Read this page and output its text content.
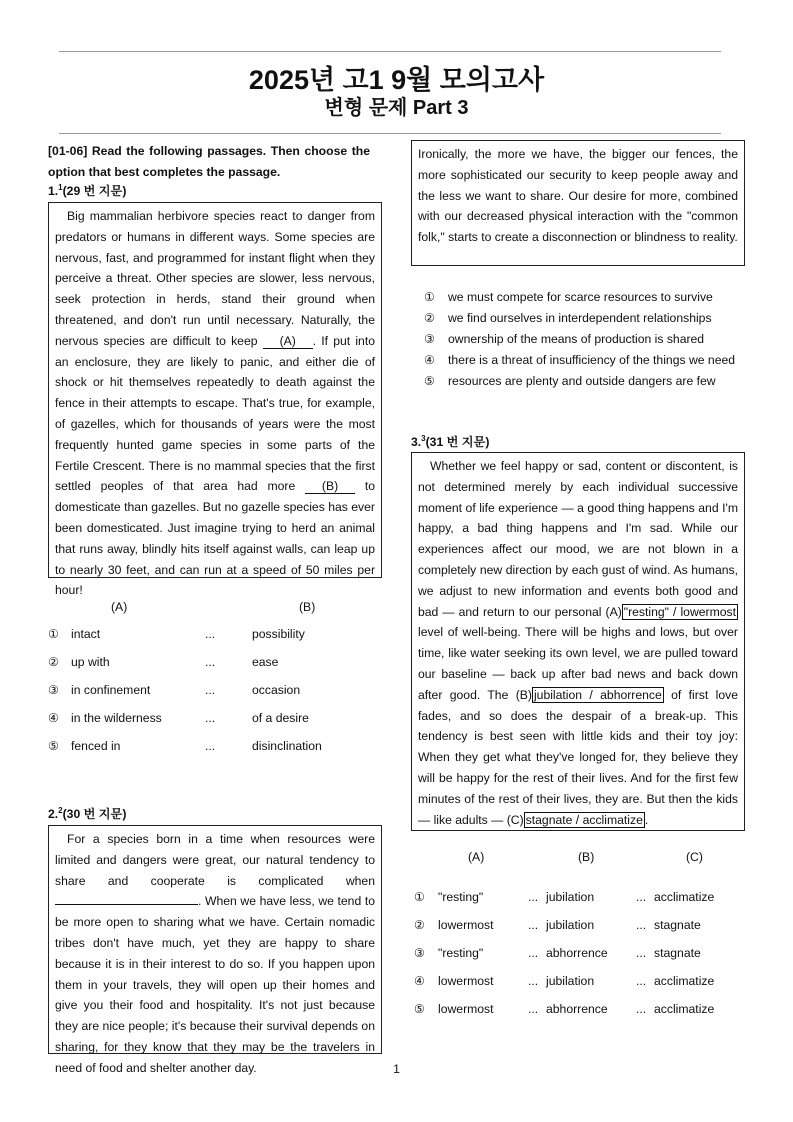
2025년 고1 9월 모의고사
변형 문제 Part 3
[01-06] Read the following passages. Then choose the option that best completes the passage.
1.$^1$(29 번 지문)
Big mammalian herbivore species react to danger from predators or humans in different ways. Some species are nervous, fast, and programmed for instant flight when they perceive a threat. Other species are slower, less nervous, seek protection in herds, stand their ground when threatened, and don't run until necessary. Naturally, the nervous species are difficult to keep (A) . If put into an enclosure, they are likely to panic, and either die of shock or hit themselves repeatedly to death against the fence in their attempts to escape. That's true, for example, of gazelles, which for thousands of years were the most frequently hunted game species in some parts of the Fertile Crescent. There is no mammal species that the first settled peoples of that area had more (B) to domesticate than gazelles. But no gazelle species has ever been domesticated. Just imagine trying to herd an animal that runs away, blindly hits itself against walls, can leap up to nearly 30 feet, and can run at a speed of 50 miles per hour!
(A)	(B)
2.$^2$(30 번 지문)
For a species born in a time when resources were limited and dangers were great, our natural tendency to share and cooperate is complicated when . When we have less, we tend to be more open to sharing what we have. Certain nomadic tribes don't have much, yet they are happy to share because it is in their interest to do so. If you happen upon them in your travels, they will open up their homes and give you their food and hospitality. It's not just because they are nice people; it's because their survival depends on sharing, for they know that they may be the travelers in need of food and shelter another day.
Ironically, the more we have, the bigger our fences, the more sophisticated our security to keep people away and the less we want to share. Our desire for more, combined with our decreased physical interaction with the "common folk," starts to create a disconnection or blindness to reality.
3.$^3$(31 번 지문)
Whether we feel happy or sad, content or discontent, is not determined merely by each individual successive moment of life experience — a good thing happens and I'm happy, a bad thing happens and I'm sad. While our experiences affect our mood, we are not blown in a completely new direction by each gust of wind. As humans, we adjust to new information and events both good and bad — and return to our personal (A) "resting" / lowermost level of well-being. There will be highs and lows, but over time, like water seeking its own level, we are pulled toward our baseline — back up after bad news and back down after good. The (B) jubilation / abhorrence of first love fades, and so does the despair of a break-up. This tendency is best seen with little kids and their toy joy: When they get what they've longed for, they believe they will be happy for the rest of their lives. And for the first few minutes of the rest of their lives, they are. But then the kids — like adults — (C) stagnate / acclimatize .
(A)	(B)	(C)
1
① intact	...	possibility
② up with	...	ease
③ in confinement	...	occasion
④ in the wilderness	...	of a desire
⑤ fenced in	...	disinclination
① we must compete for scarce resources to survive
② we find ourselves in interdependent relationships
③ ownership of the means of production is shared
④ there is a threat of insufficiency of the things we need
⑤ resources are plenty and outside dangers are few
① "resting"	... jubilation	... acclimatize
② lowermost	... jubilation	... stagnate
③ "resting"	... abhorrence ... stagnate
④ lowermost	... jubilation	... acclimatize
⑤ lowermost	... abhorrence ... acclimatize
